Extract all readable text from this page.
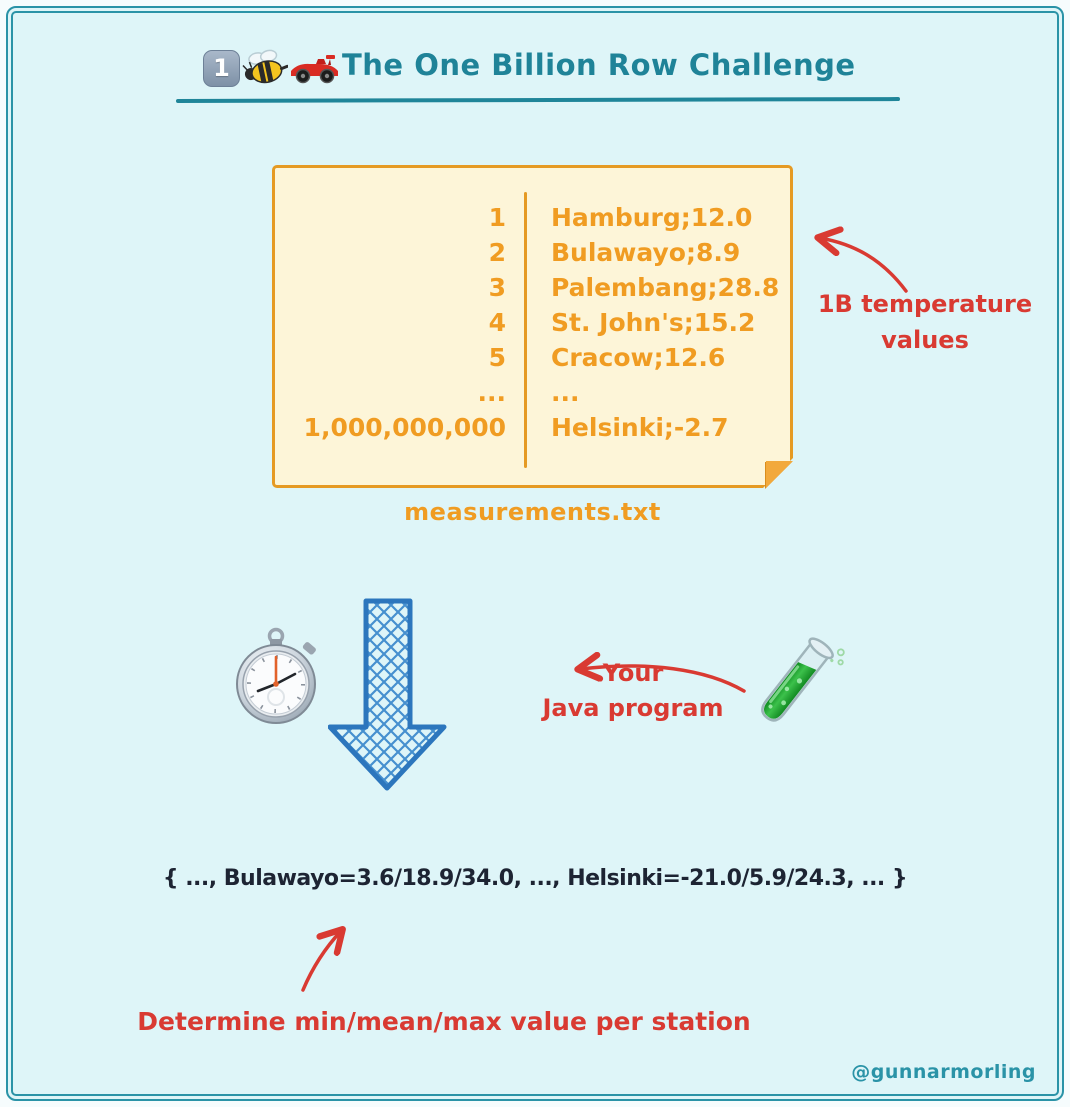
1	The One Billion Row Challenge
1 Hamburg;12.0
2 Bulawayo;8.9
3 Palembang;28.8
4 St. John's;15.2
5 Cracow;12.6
... ...
1,000,000,000 Helsinki;-2.7
measurements.txt
1B temperature
values
Your
Java program
{ ..., Bulawayo=3.6/18.9/34.0, ..., Helsinki=-21.0/5.9/24.3, ... }
Determine min/mean/max value per station
@gunnarmorling
